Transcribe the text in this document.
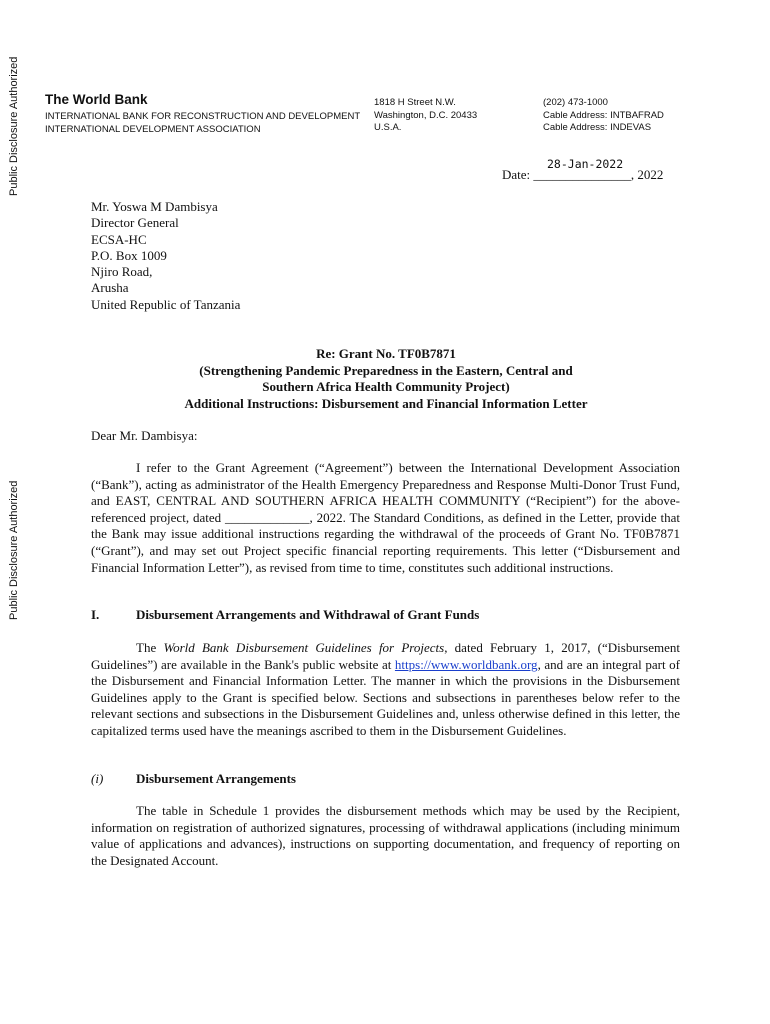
Public Disclosure Authorized
Public Disclosure Authorized
The World Bank
INTERNATIONAL BANK FOR RECONSTRUCTION AND DEVELOPMENT
INTERNATIONAL DEVELOPMENT ASSOCIATION
1818 H Street N.W.
Washington, D.C. 20433
U.S.A.
(202) 473-1000
Cable Address: INTBAFRAD
Cable Address: INDEVAS
28-Jan-2022
Date: _______________, 2022
Mr. Yoswa M Dambisya
Director General
ECSA-HC
P.O. Box 1009
Njiro Road,
Arusha
United Republic of Tanzania
Re: Grant No. TF0B7871
(Strengthening Pandemic Preparedness in the Eastern, Central and
Southern Africa Health Community Project)
Additional Instructions: Disbursement and Financial Information Letter
Dear Mr. Dambisya:

I refer to the Grant Agreement (“Agreement”) between the International Development Association (“Bank”), acting as administrator of the Health Emergency Preparedness and Response Multi-Donor Trust Fund, and EAST, CENTRAL AND SOUTHERN AFRICA HEALTH COMMUNITY (“Recipient”) for the above-referenced project, dated _____________, 2022. The Standard Conditions, as defined in the Letter, provide that the Bank may issue additional instructions regarding the withdrawal of the proceeds of Grant No. TF0B7871 (“Grant”), and may set out Project specific financial reporting requirements. This letter (“Disbursement and Financial Information Letter”), as revised from time to time, constitutes such additional instructions.

I.	Disbursement Arrangements and Withdrawal of Grant Funds

The World Bank Disbursement Guidelines for Projects, dated February 1, 2017, (“Disbursement Guidelines”) are available in the Bank's public website at https://www.worldbank.org, and are an integral part of the Disbursement and Financial Information Letter. The manner in which the provisions in the Disbursement Guidelines apply to the Grant is specified below. Sections and subsections in parentheses below refer to the relevant sections and subsections in the Disbursement Guidelines and, unless otherwise defined in this letter, the capitalized terms used have the meanings ascribed to them in the Disbursement Guidelines.

(i)	Disbursement Arrangements

The table in Schedule 1 provides the disbursement methods which may be used by the Recipient, information on registration of authorized signatures, processing of withdrawal applications (including minimum value of applications and advances), instructions on supporting documentation, and frequency of reporting on the Designated Account.
